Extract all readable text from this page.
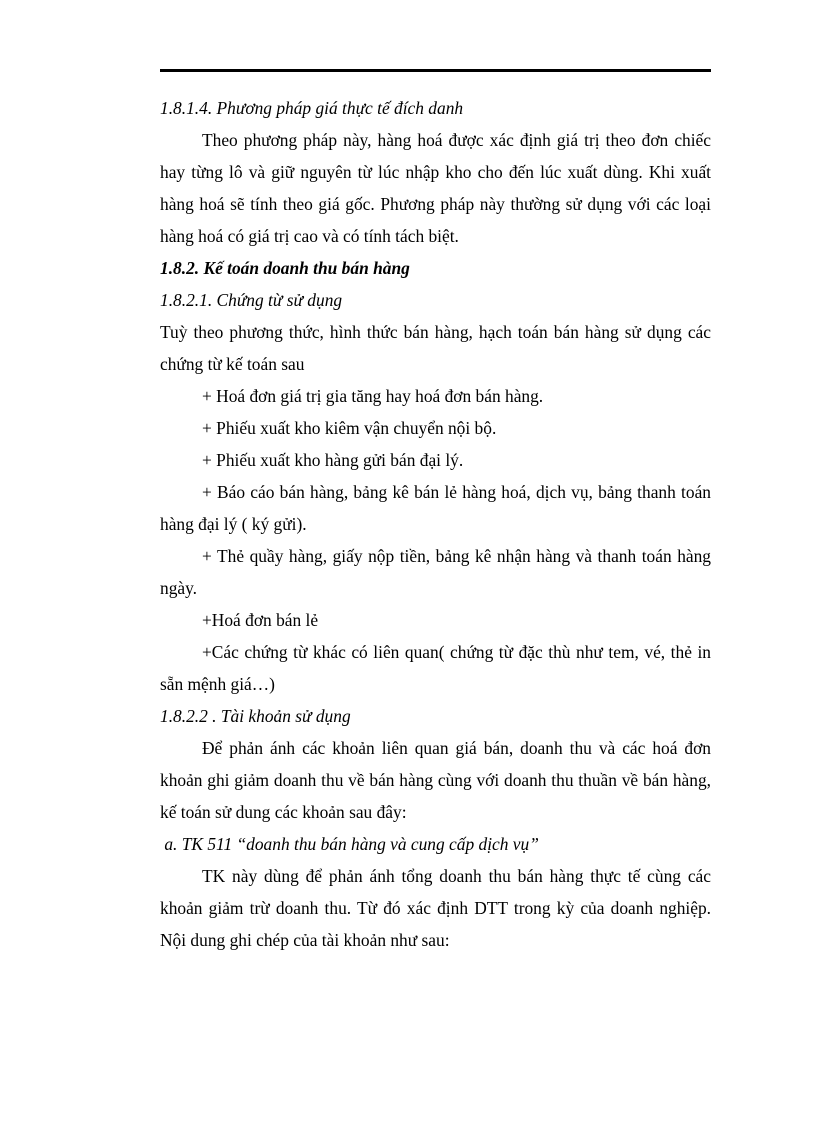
1.8.1.4. Phương pháp giá thực tế đích danh
Theo phương pháp này, hàng hoá được xác định giá trị theo đơn chiếc
hay từng lô và giữ nguyên từ lúc nhập kho cho đến lúc xuất dùng. Khi xuất
hàng hoá sẽ tính theo giá gốc. Phương pháp này thường sử dụng với các loại
hàng hoá có giá trị cao và có tính tách biệt.
1.8.2. Kế toán doanh thu bán hàng
1.8.2.1. Chứng từ sử dụng
Tuỳ theo phương thức, hình thức bán hàng, hạch toán bán hàng sử dụng các
chứng từ kế toán sau
+ Hoá đơn giá trị gia tăng hay hoá đơn bán hàng.
+ Phiếu xuất kho kiêm vận chuyển nội bộ.
+ Phiếu xuất kho hàng gửi bán đại lý.
+ Báo cáo bán hàng, bảng kê bán lẻ hàng hoá, dịch vụ, bảng thanh toán
hàng đại lý ( ký gửi).
+ Thẻ quầy hàng, giấy nộp tiền, bảng kê nhận hàng và thanh toán hàng
ngày.
+Hoá đơn bán lẻ
+Các chứng từ khác có liên quan( chứng từ đặc thù như tem, vé, thẻ in
sẵn mệnh giá…)
1.8.2.2 . Tài khoản sử dụng
Để phản ánh các khoản liên quan giá bán, doanh thu và các hoá đơn
khoản ghi giảm doanh thu về bán hàng cùng với doanh thu thuần về bán hàng,
kế toán sử dung các khoản sau đây:
a. TK 511 “doanh thu bán hàng và cung cấp dịch vụ”
TK này dùng để phản ánh tổng doanh thu bán hàng thực tế cùng các
khoản giảm trừ doanh thu. Từ đó xác định DTT trong kỳ của doanh nghiệp.
Nội dung ghi chép của tài khoản như sau:
